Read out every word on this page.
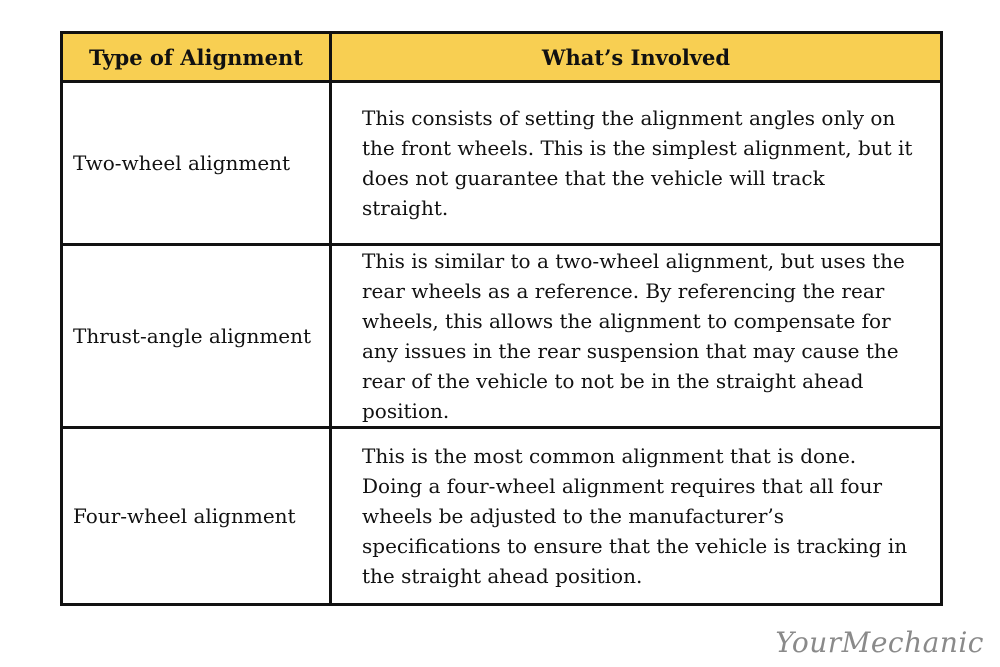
Type of Alignment	What’s Involved
Two-wheel alignment	This consists of setting the alignment angles only on the front wheels. This is the simplest alignment, but it does not guarantee that the vehicle will track straight.
Thrust-angle alignment	This is similar to a two-wheel alignment, but uses the rear wheels as a reference. By referencing the rear wheels, this allows the alignment to compensate for any issues in the rear suspension that may cause the rear of the vehicle to not be in the straight ahead position.
Four-wheel alignment	This is the most common alignment that is done. Doing a four-wheel alignment requires that all four wheels be adjusted to the manufacturer’s specifications to ensure that the vehicle is tracking in the straight ahead position.
YourMechanic
